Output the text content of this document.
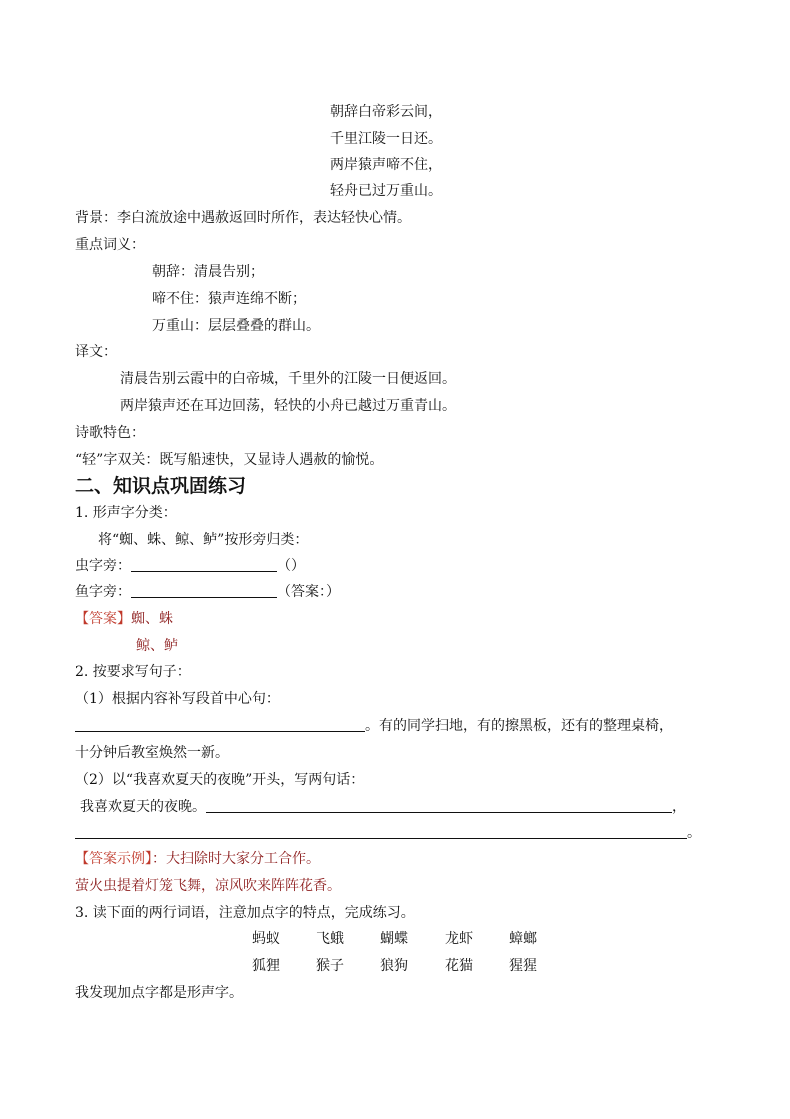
朝辞白帝彩云间，
千里江陵一日还。
两岸猿声啼不住，
轻舟已过万重山。
背景：李白流放途中遇赦返回时所作，表达轻快心情。
重点词义：
朝辞：清晨告别；
啼不住：猿声连绵不断；
万重山：层层叠叠的群山。
译文：
清晨告别云霞中的白帝城，千里外的江陵一日便返回。
两岸猿声还在耳边回荡，轻快的小舟已越过万重青山。
诗歌特色：
“轻”字双关：既写船速快，又显诗人遇赦的愉悦。
二、知识点巩固练习
1. 形声字分类：
将“蜘、蛛、鲸、鲈”按形旁归类：
虫字旁：	（）
鱼字旁：	（答案：）
【答案】蜘、蛛
鲸、鲈
2. 按要求写句子：
（1）根据内容补写段首中心句：
。有的同学扫地，有的擦黑板，还有的整理桌椅，
十分钟后教室焕然一新。
（2）以“我喜欢夏天的夜晚”开头，写两句话：
我喜欢夏天的夜晚。	，
。
【答案示例】：大扫除时大家分工合作。
萤火虫提着灯笼飞舞，凉风吹来阵阵花香。
3. 读下面的两行词语，注意加点字的特点，完成练习。
蚂蚁	飞蛾	蝴蝶	龙虾	蟑螂
狐狸	猴子	狼狗	花猫	猩猩
我发现加点字都是形声字。
